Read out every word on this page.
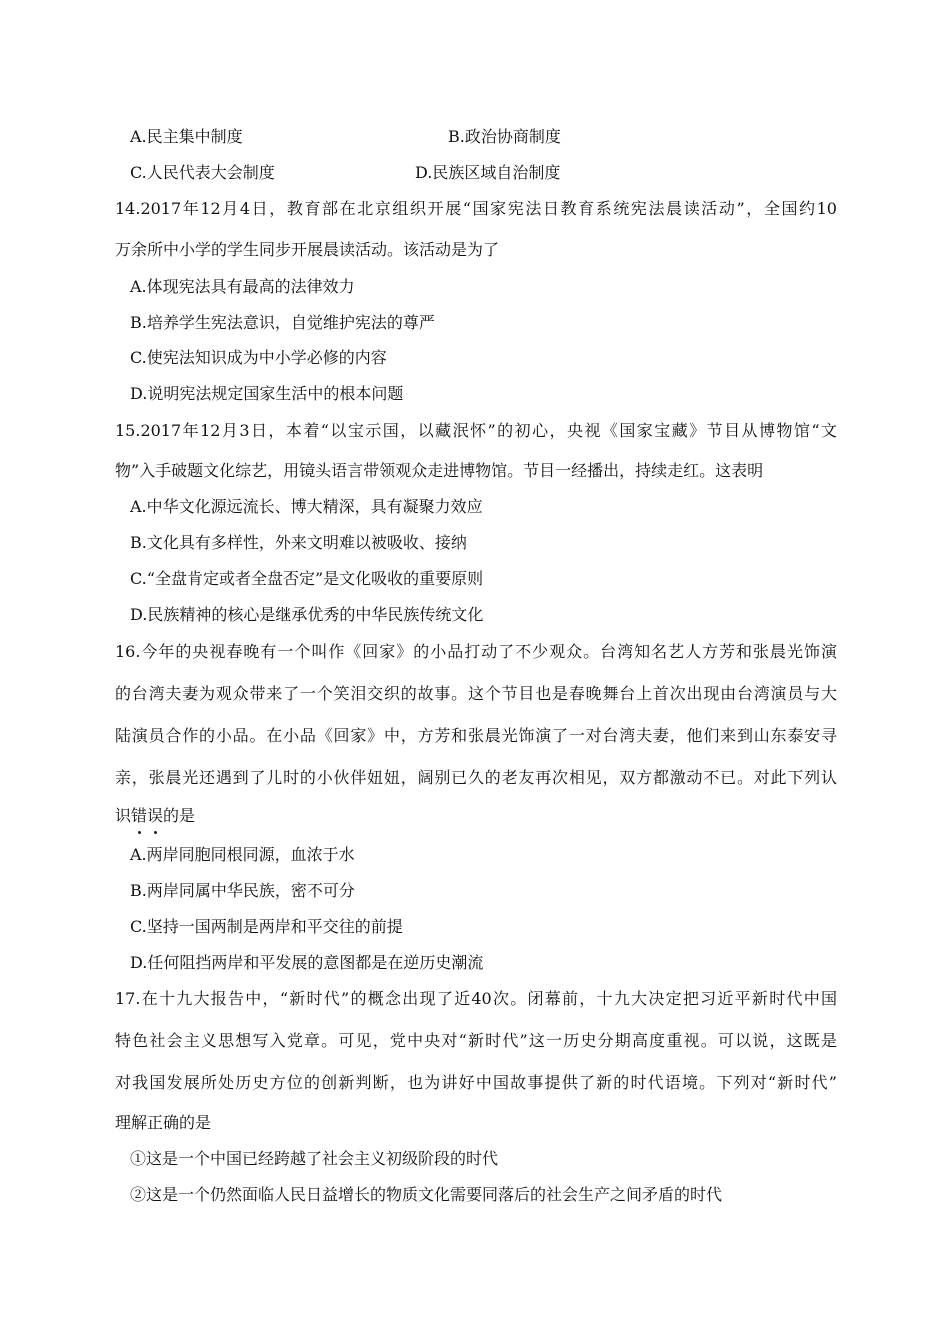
A.民主集中制度	B.政治协商制度
C.人民代表大会制度	D.民族区域自治制度
14.2017年12月4日，教育部在北京组织开展“国家宪法日教育系统宪法晨读活动”，全国约10
万余所中小学的学生同步开展晨读活动。该活动是为了
A.体现宪法具有最高的法律效力
B.培养学生宪法意识，自觉维护宪法的尊严
C.使宪法知识成为中小学必修的内容
D.说明宪法规定国家生活中的根本问题
15.2017年12月3日，本着“以宝示国，以藏泯怀”的初心，央视《国家宝藏》节目从博物馆“文
物”入手破题文化综艺，用镜头语言带领观众走进博物馆。节目一经播出，持续走红。这表明
A.中华文化源远流长、博大精深，具有凝聚力效应
B.文化具有多样性，外来文明难以被吸收、接纳
C.“全盘肯定或者全盘否定”是文化吸收的重要原则
D.民族精神的核心是继承优秀的中华民族传统文化
16.今年的央视春晚有一个叫作《回家》的小品打动了不少观众。台湾知名艺人方芳和张晨光饰演
的台湾夫妻为观众带来了一个笑泪交织的故事。这个节目也是春晚舞台上首次出现由台湾演员与大
陆演员合作的小品。在小品《回家》中，方芳和张晨光饰演了一对台湾夫妻，他们来到山东泰安寻
亲，张晨光还遇到了儿时的小伙伴妞妞，阔别已久的老友再次相见，双方都激动不已。对此下列认
识错
误
的是
A.两岸同胞同根同源，血浓于水
B.两岸同属中华民族，密不可分
C.坚持一国两制是两岸和平交往的前提
D.任何阻挡两岸和平发展的意图都是在逆历史潮流
17.在十九大报告中，“新时代”的概念出现了近40次。闭幕前，十九大决定把习近平新时代中国
特色社会主义思想写入党章。可见，党中央对“新时代”这一历史分期高度重视。可以说，这既是
对我国发展所处历史方位的创新判断，也为讲好中国故事提供了新的时代语境。下列对“新时代”
理解正确的是
①这是一个中国已经跨越了社会主义初级阶段的时代
②这是一个仍然面临人民日益增长的物质文化需要同落后的社会生产之间矛盾的时代
